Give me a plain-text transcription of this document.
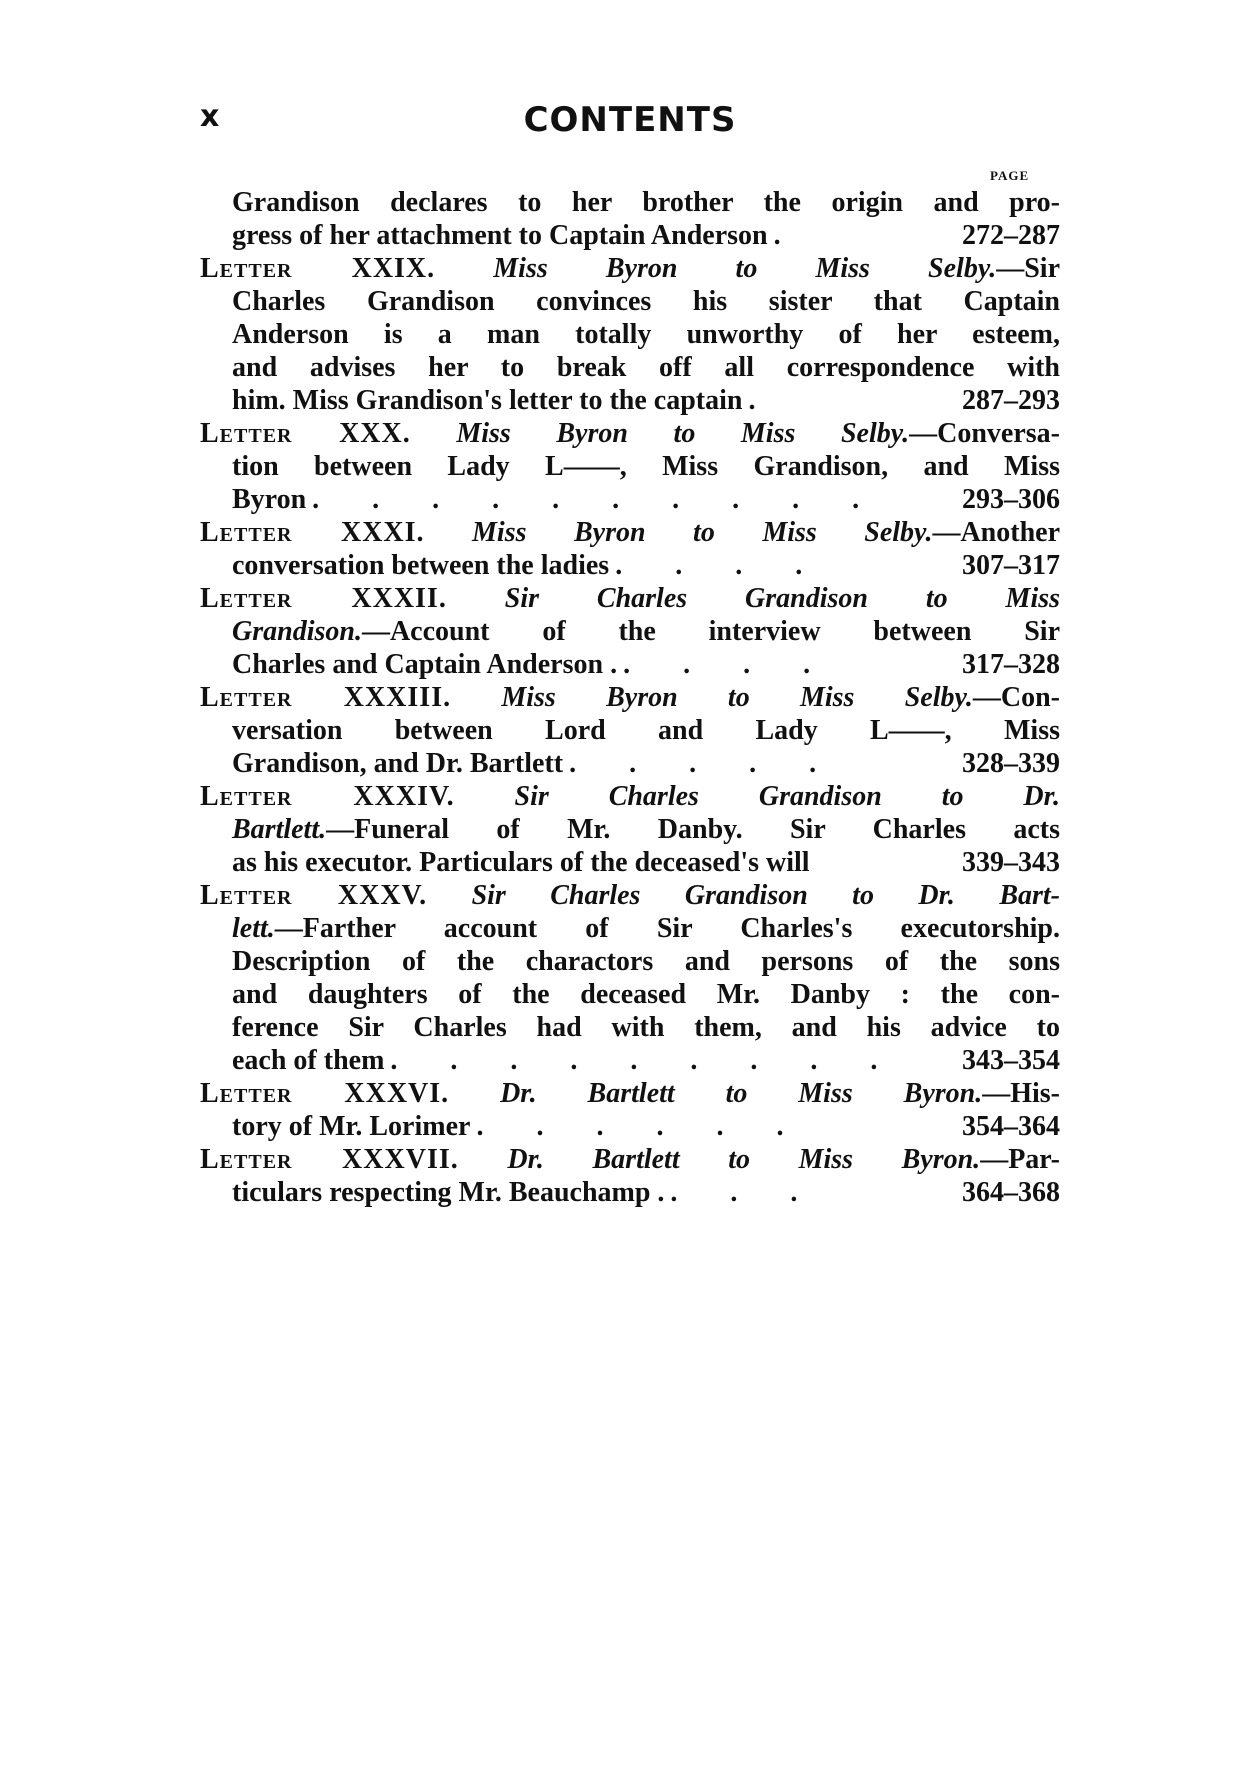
x	CONTENTS
PAGE
Grandison declares to her brother the origin and pro-
gress of her attachment to Captain Anderson .	272–287
Letter XXIX. Miss Byron to Miss Selby.—Sir
Charles Grandison convinces his sister that Captain
Anderson is a man totally unworthy of her esteem,
and advises her to break off all correspondence with
him. Miss Grandison's letter to the captain .	287–293
Letter XXX. Miss Byron to Miss Selby.—Conversa-
tion between Lady L——, Miss Grandison, and Miss
Byron . . . . . . . . . .	293–306
Letter XXXI. Miss Byron to Miss Selby.—Another
conversation between the ladies . . . .	307–317
Letter XXXII. Sir Charles Grandison to Miss
Grandison.—Account of the interview between Sir
Charles and Captain Anderson . . . . .	317–328
Letter XXXIII. Miss Byron to Miss Selby.—Con-
versation between Lord and Lady L——, Miss
Grandison, and Dr. Bartlett . . . . .	328–339
Letter XXXIV. Sir Charles Grandison to Dr.
Bartlett.—Funeral of Mr. Danby. Sir Charles acts
as his executor. Particulars of the deceased's will	339–343
Letter XXXV. Sir Charles Grandison to Dr. Bart-
lett.—Farther account of Sir Charles's executorship.
Description of the charactors and persons of the sons
and daughters of the deceased Mr. Danby : the con-
ference Sir Charles had with them, and his advice to
each of them . . . . . . . . .	343–354
Letter XXXVI. Dr. Bartlett to Miss Byron.—His-
tory of Mr. Lorimer . . . . . .	354–364
Letter XXXVII. Dr. Bartlett to Miss Byron.—Par-
ticulars respecting Mr. Beauchamp . . . .	364–368
